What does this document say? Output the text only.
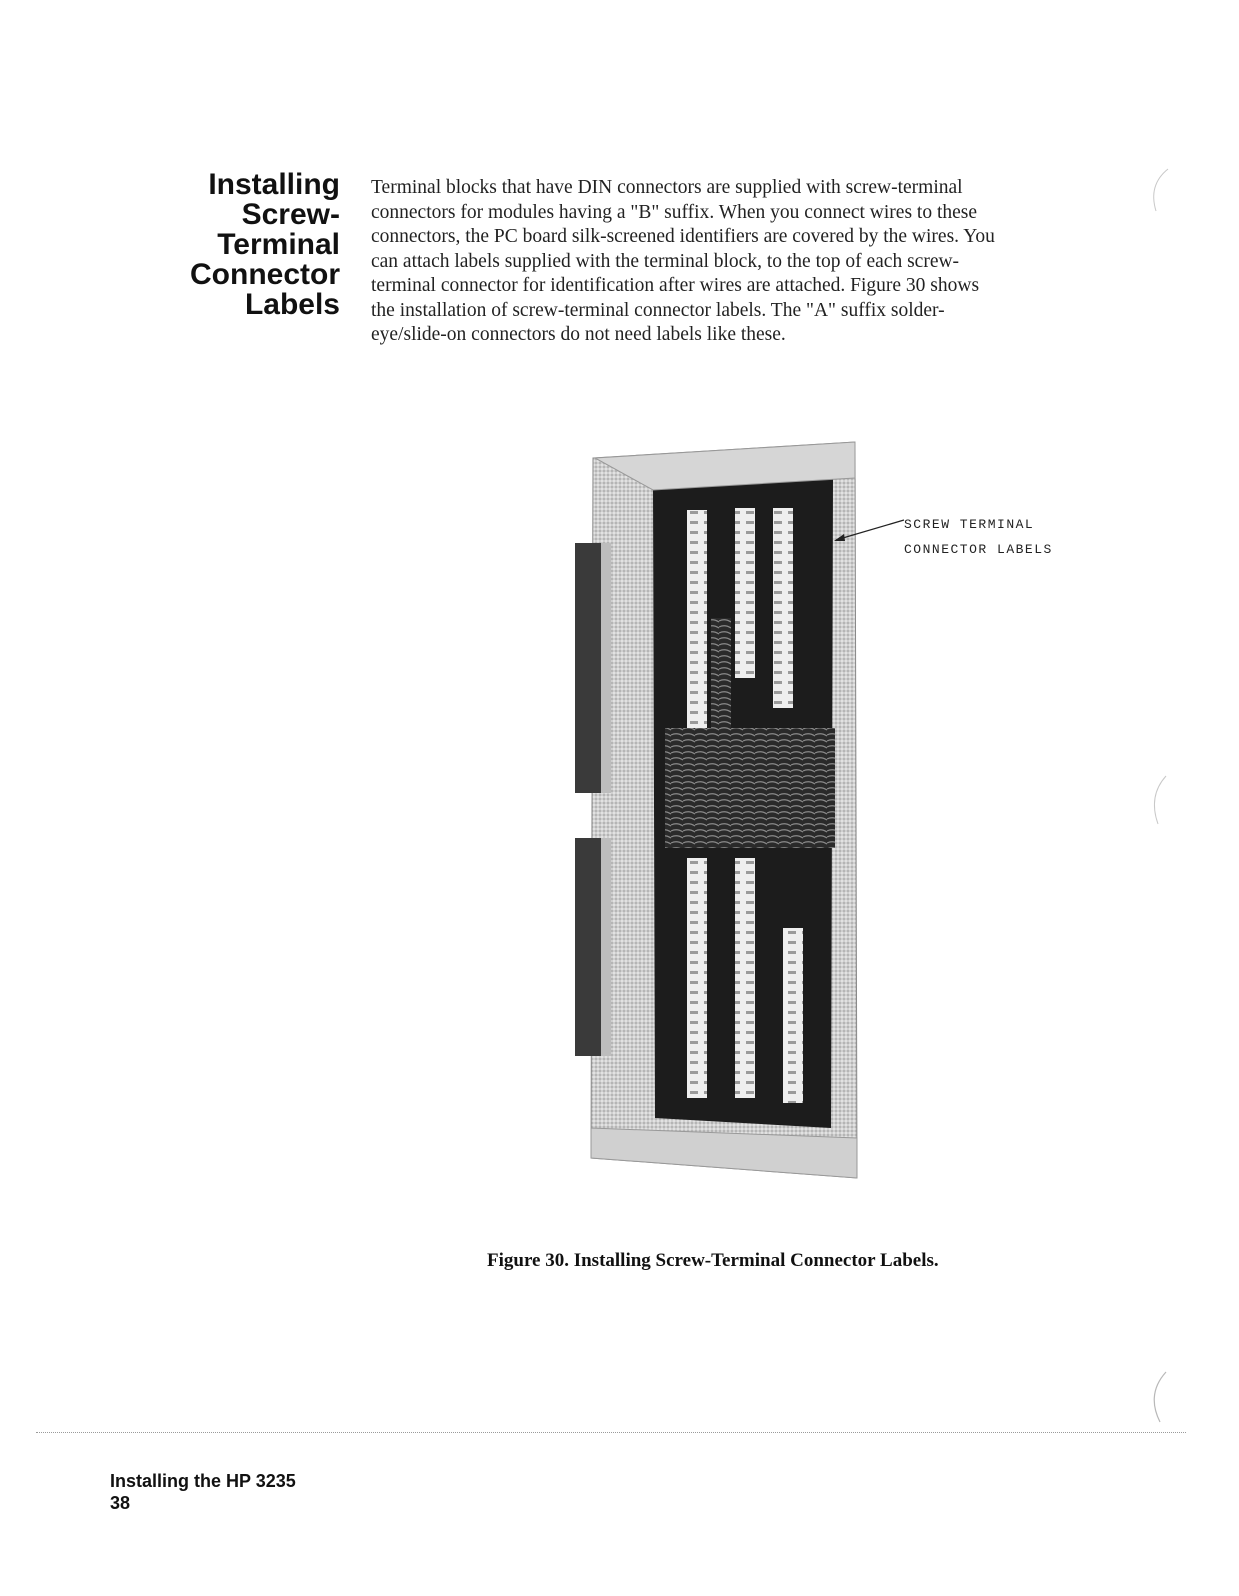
Installing
Screw-
Terminal
Connector
Labels
Terminal blocks that have DIN connectors are supplied with screw-terminal
connectors for modules having a "B" suffix. When you connect wires to these
connectors, the PC board silk-screened identifiers are covered by the wires. You
can attach labels supplied with the terminal block, to the top of each screw-
terminal connector for identification after wires are attached. Figure 30 shows
the installation of screw-terminal connector labels. The "A" suffix solder-
eye/slide-on connectors do not need labels like these.
SCREW TERMINAL
CONNECTOR LABELS
Figure 30. Installing Screw-Terminal Connector Labels.
Installing the HP 3235
38
